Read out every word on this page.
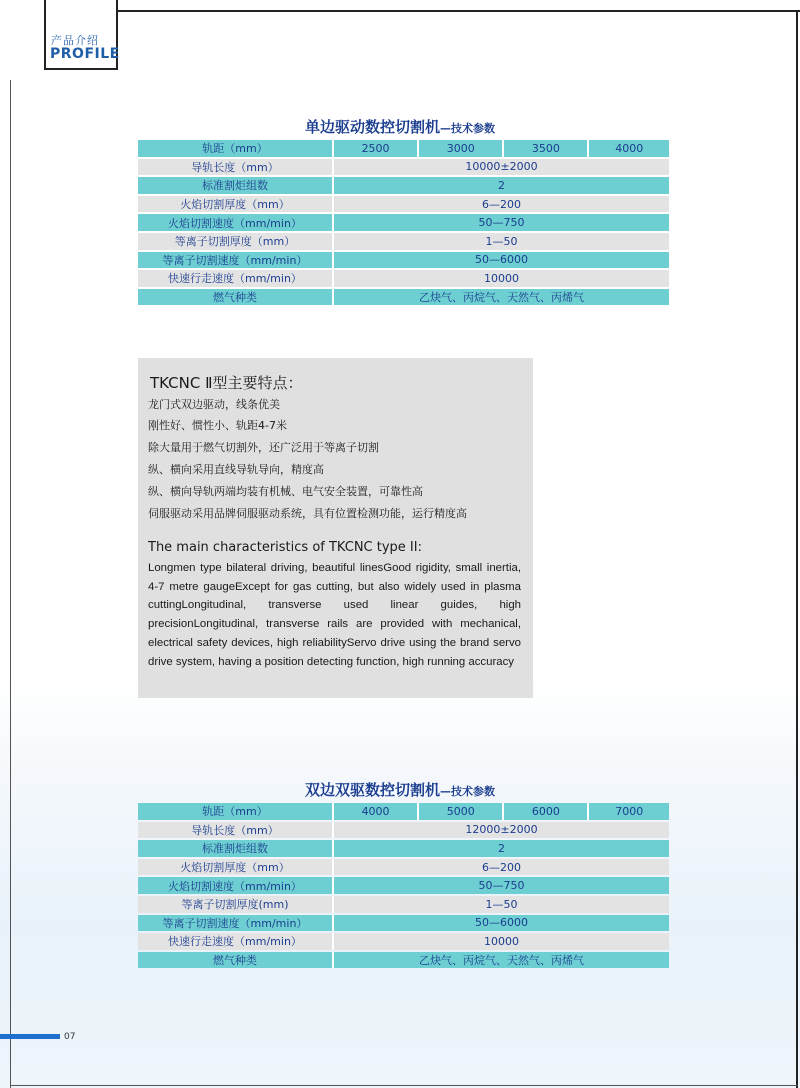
产品介绍
PROFILE
单边驱动数控切割机—技术参数
轨距（mm）	2500	3000	3500	4000
导轨长度（mm）	10000±2000			
标准割炬组数	2			
火焰切割厚度（mm）	6—200			
火焰切割速度（mm/min）	50—750			
等离子切割厚度（mm）	1—50			
等离子切割速度（mm/min）	50—6000			
快速行走速度（mm/min）	10000			
燃气种类	乙炔气、丙烷气、天然气、丙烯气			
TKCNC Ⅱ型主要特点：
龙门式双边驱动，线条优美
刚性好、惯性小、轨距4-7米
除大量用于燃气切割外，还广泛用于等离子切割
纵、横向采用直线导轨导向，精度高
纵、横向导轨两端均装有机械、电气安全装置，可靠性高
伺服驱动采用品牌伺服驱动系统，具有位置检测功能，运行精度高
The main characteristics of TKCNC type II:
Longmen type bilateral driving, beautiful linesGood rigidity, small inertia, 4-7 metre gaugeExcept for gas cutting, but also widely used in plasma cuttingLongitudinal, transverse used linear guides, high precisionLongitudinal, transverse rails are provided with mechanical, electrical safety devices, high reliabilityServo drive using the brand servo drive system, having a position detecting function, high running accuracy
双边双驱数控切割机—技术参数
轨距（mm）	4000	5000	6000	7000
导轨长度（mm）	12000±2000			
标准割炬组数	2			
火焰切割厚度（mm）	6—200			
火焰切割速度（mm/min）	50—750			
等离子切割厚度(mm)	1—50			
等离子切割速度（mm/min）	50—6000			
快速行走速度（mm/min）	10000			
燃气种类	乙炔气、丙烷气、天然气、丙烯气			
07
